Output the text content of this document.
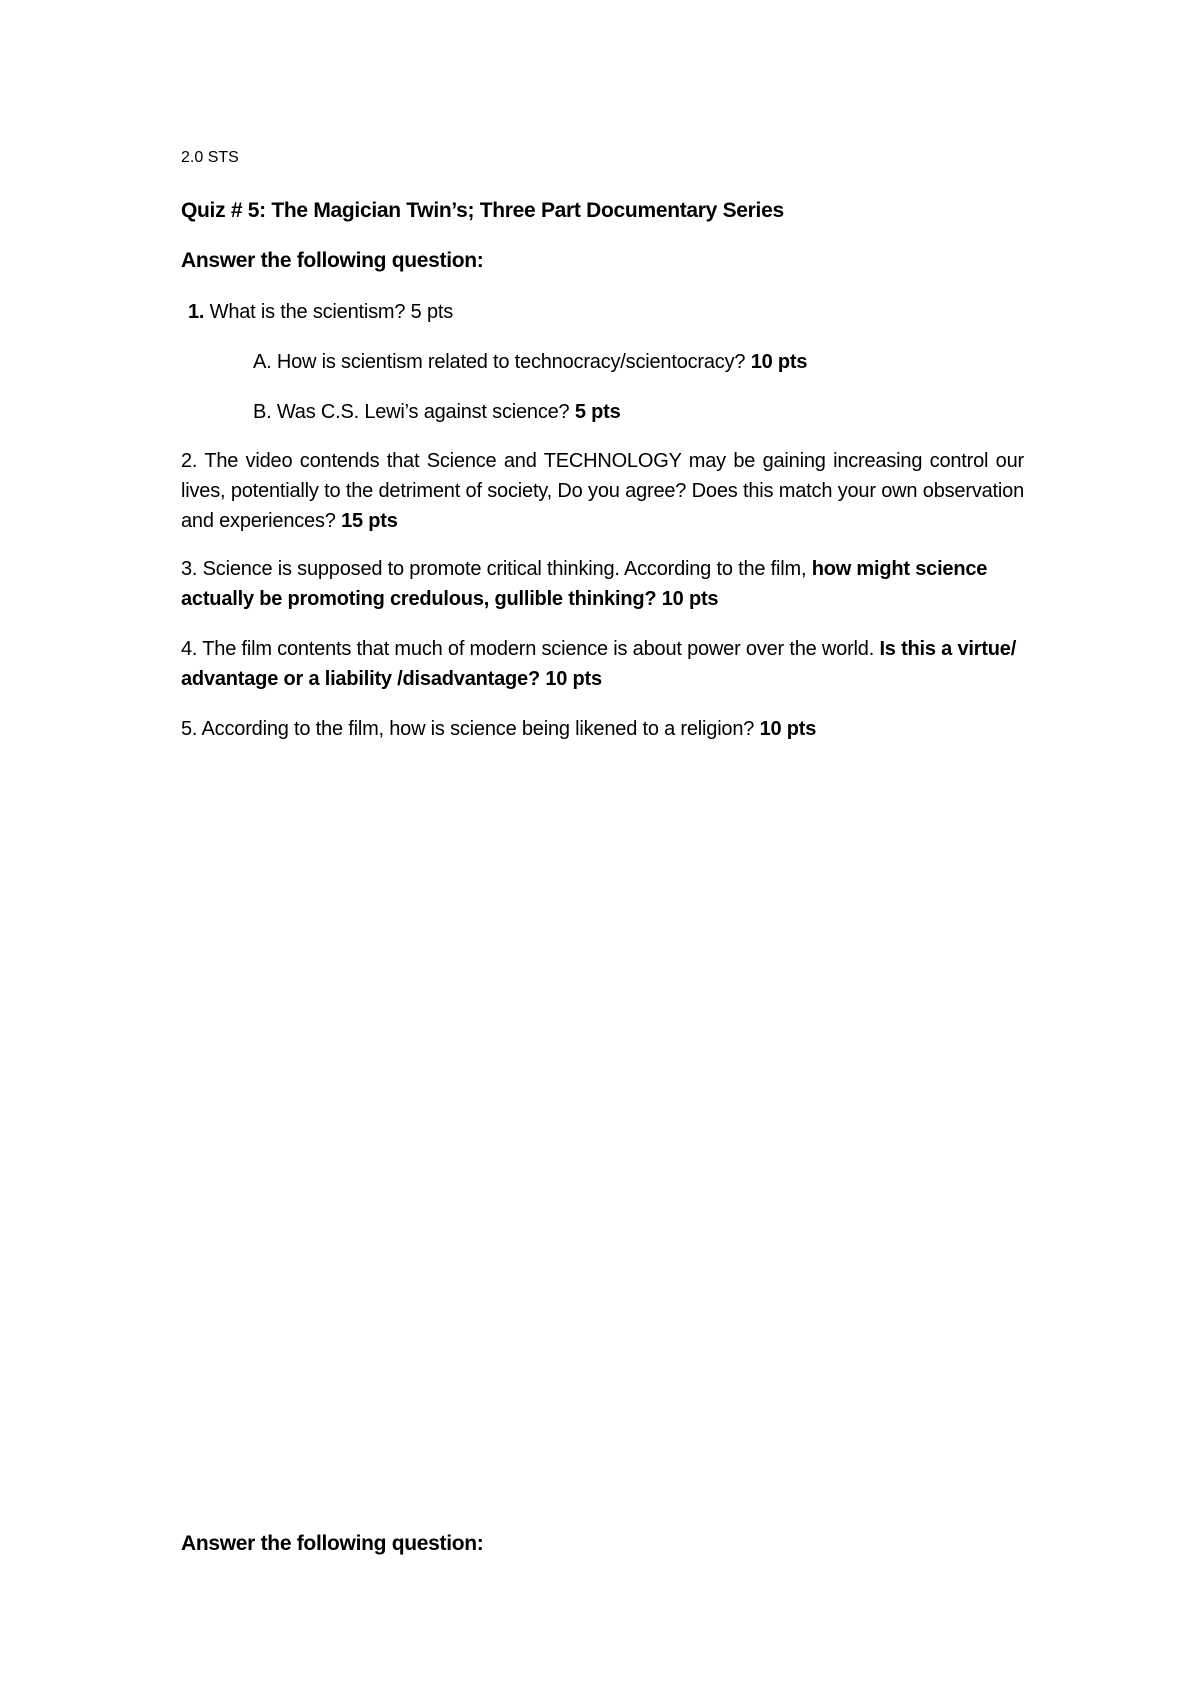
2.0 STS
Quiz # 5: The Magician Twin’s; Three Part Documentary Series
Answer the following question:
1. What is the scientism? 5 pts
A. How is scientism related to technocracy/scientocracy? 10 pts
B. Was C.S. Lewi’s against science? 5 pts
2. The video contends that Science and TECHNOLOGY may be gaining increasing control our lives, potentially to the detriment of society, Do you agree? Does this match your own observation and experiences? 15 pts
3. Science is supposed to promote critical thinking. According to the film, how might science actually be promoting credulous, gullible thinking? 10 pts
4. The film contents that much of modern science is about power over the world. Is this a virtue/ advantage or a liability /disadvantage? 10 pts
5. According to the film, how is science being likened to a religion? 10 pts
Answer the following question:
